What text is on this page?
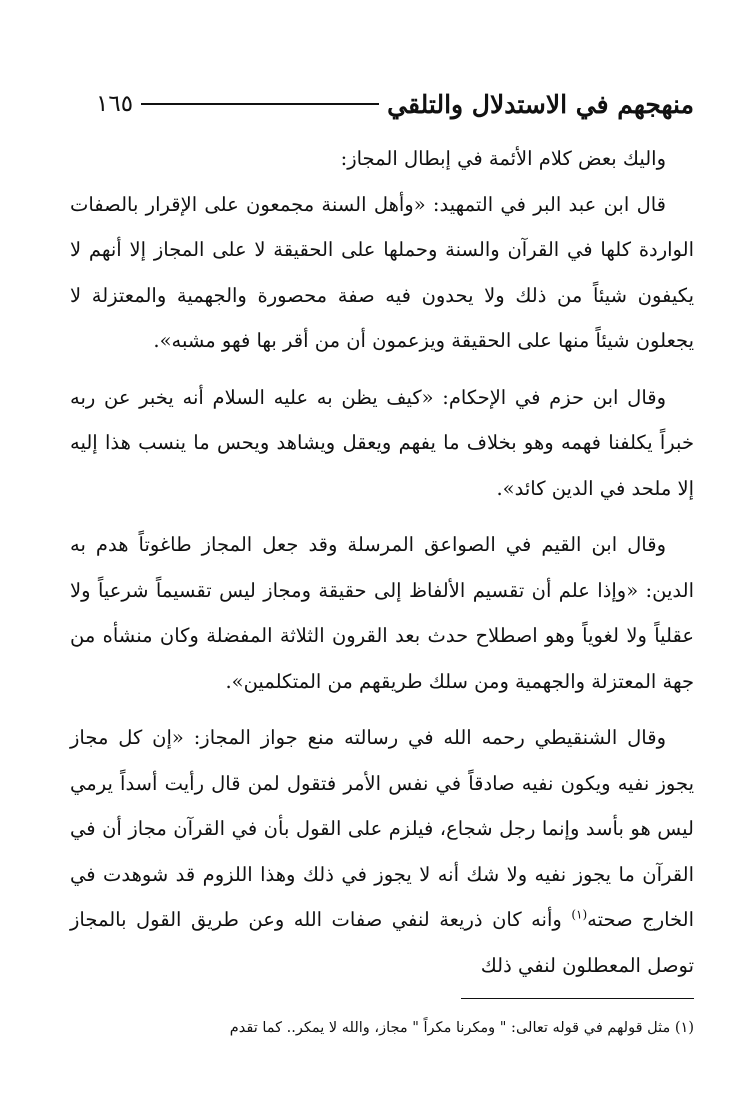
منهجهم في الاستدلال والتلقي
١٦٥

واليك بعض كلام الأئمة في إبطال المجاز:

قال ابن عبد البر في التمهيد: «وأهل السنة مجمعون على الإقرار بالصفات الواردة كلها في القرآن والسنة وحملها على الحقيقة لا على المجاز إلا أنهم لا يكيفون شيئاً من ذلك ولا يحدون فيه صفة محصورة والجهمية والمعتزلة لا يجعلون شيئاً منها على الحقيقة ويزعمون أن من أقر بها فهو مشبه».

وقال ابن حزم في الإحكام: «كيف يظن به عليه السلام أنه يخبر عن ربه خبراً يكلفنا فهمه وهو بخلاف ما يفهم ويعقل ويشاهد ويحس ما ينسب هذا إليه إلا ملحد في الدين كائد».

وقال ابن القيم في الصواعق المرسلة وقد جعل المجاز طاغوتاً هدم به الدين: «وإذا علم أن تقسيم الألفاظ إلى حقيقة ومجاز ليس تقسيماً شرعياً ولا عقلياً ولا لغوياً وهو اصطلاح حدث بعد القرون الثلاثة المفضلة وكان منشأه من جهة المعتزلة والجهمية ومن سلك طريقهم من المتكلمين».

وقال الشنقيطي رحمه الله في رسالته منع جواز المجاز: «إن كل مجاز يجوز نفيه ويكون نفيه صادقاً في نفس الأمر فتقول لمن قال رأيت أسداً يرمي ليس هو بأسد وإنما رجل شجاع، فيلزم على القول بأن في القرآن مجاز أن في القرآن ما يجوز نفيه ولا شك أنه لا يجوز في ذلك وهذا اللزوم قد شوهدت في الخارج صحته$^{(١)}$ وأنه كان ذريعة لنفي صفات الله وعن طريق القول بالمجاز توصل المعطلون لنفي ذلك

(١) مثل قولهم في قوله تعالى: " ومكرنا مكراً " مجاز، والله لا يمكر.. كما تقدم
